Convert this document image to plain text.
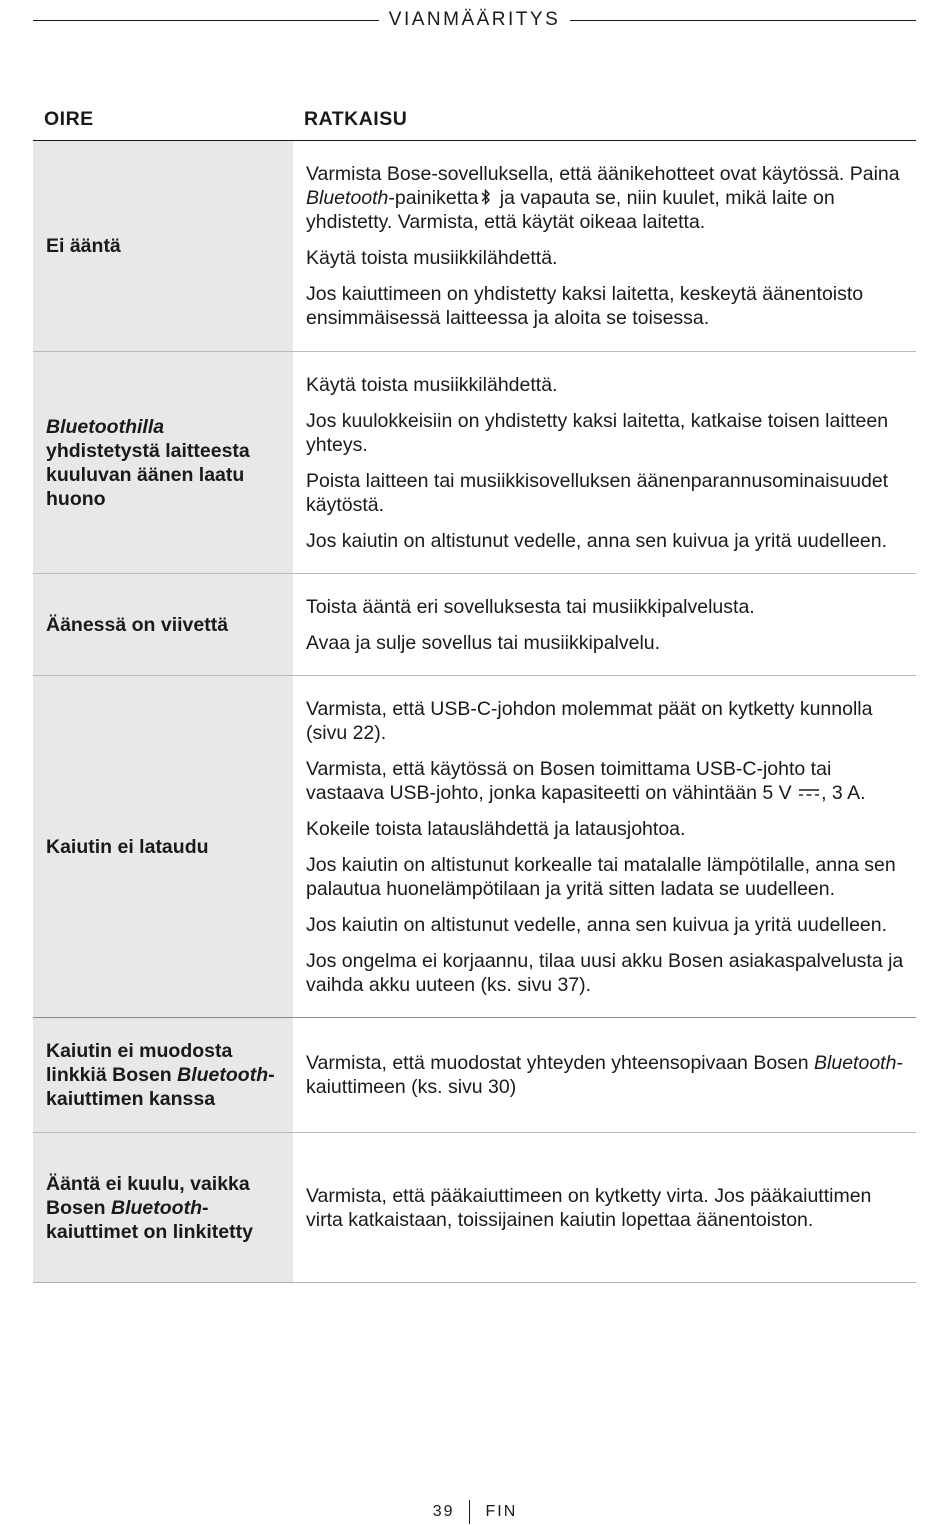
VIANMÄÄRITYS
OIRE	RATKAISU
Ei ääntä

Varmista Bose-sovelluksella, että äänikehotteet ovat käytössä. Paina Bluetooth-painiketta ja vapauta se, niin kuulet, mikä laite on yhdistetty. Varmista, että käytät oikeaa laitetta.

Käytä toista musiikkilähdettä.

Jos kaiuttimeen on yhdistetty kaksi laitetta, keskeytä äänentoisto ensimmäisessä laitteessa ja aloita se toisessa.

Bluetoothilla yhdistetystä laitteesta kuuluvan äänen laatu huono

Käytä toista musiikkilähdettä.

Jos kuulokkeisiin on yhdistetty kaksi laitetta, katkaise toisen laitteen yhteys.

Poista laitteen tai musiikkisovelluksen äänenparannusominaisuudet käytöstä.

Jos kaiutin on altistunut vedelle, anna sen kuivua ja yritä uudelleen.

Äänessä on viivettä

Toista ääntä eri sovelluksesta tai musiikkipalvelusta.

Avaa ja sulje sovellus tai musiikkipalvelu.

Kaiutin ei lataudu

Varmista, että USB-C-johdon molemmat päät on kytketty kunnolla (sivu 22).

Varmista, että käytössä on Bosen toimittama USB-C-johto tai vastaava USB-johto, jonka kapasiteetti on vähintään 5 V , 3 A.

Kokeile toista latauslähdettä ja latausjohtoa.

Jos kaiutin on altistunut korkealle tai matalalle lämpötilalle, anna sen palautua huonelämpötilaan ja yritä sitten ladata se uudelleen.

Jos kaiutin on altistunut vedelle, anna sen kuivua ja yritä uudelleen.

Jos ongelma ei korjaannu, tilaa uusi akku Bosen asiakaspalvelusta ja vaihda akku uuteen (ks. sivu 37).

Kaiutin ei muodosta linkkiä Bosen Bluetooth-kaiuttimen kanssa

Varmista, että muodostat yhteyden yhteensopivaan Bosen Bluetooth-kaiuttimeen (ks. sivu 30)

Ääntä ei kuulu, vaikka Bosen Bluetooth-kaiuttimet on linkitetty

Varmista, että pääkaiuttimeen on kytketty virta. Jos pääkaiuttimen virta katkaistaan, toissijainen kaiutin lopettaa äänentoiston.

39 FIN
